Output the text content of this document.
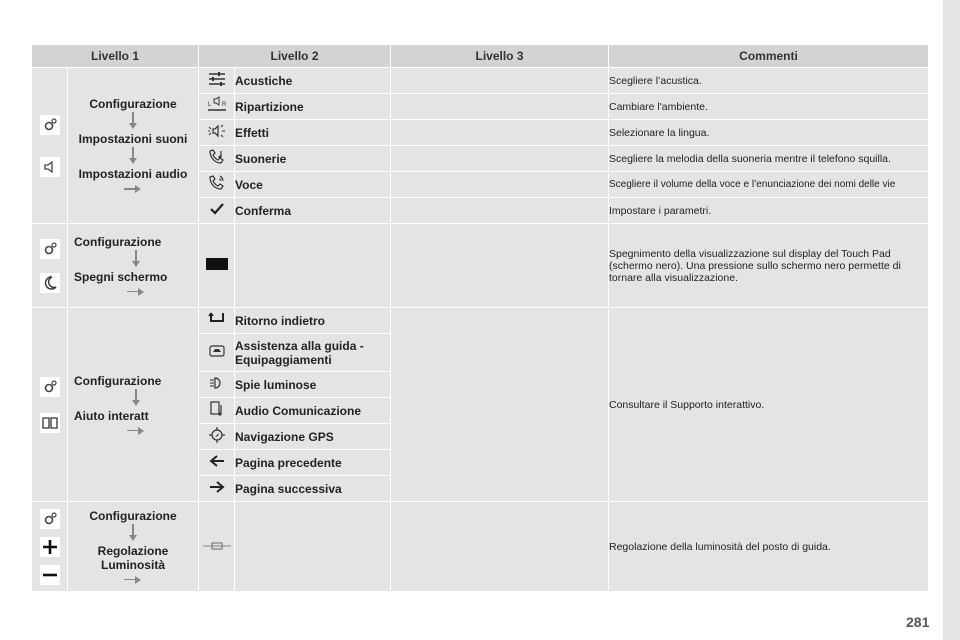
Livello 1		Livello 2		Livello 3	Commenti

Configurazione
Impostazioni suoni
Impostazioni audio		Acustiche		Scegliere l’acustica.

L R	Ripartizione		Cambiare l'ambiente.
	Effetti		Selezionare la lingua.
	Suonerie		Scegliere la melodia della suoneria mentre il telefono squilla.
	Voce		Scegliere il volume della voce e l’enunciazione dei nomi delle vie
	Conferma		Impostare i parametri.

Configurazione
Spegni schermo				Spegnimento della visualizzazione sul display del Touch Pad (schermo nero). Una pressione sullo schermo nero permette di tornare alla visualizzazione.

Configurazione
Aiuto interatt		Ritorno indietro		Consultare il Supporto interattivo.
	Assistenza alla guida - Equipaggiamenti		
	Spie luminose		
	Audio Comunicazione		
	Navigazione GPS		
	Pagina precedente		
	Pagina successiva		

Configurazione
Regolazione
Luminosità				Regolazione della luminosità del posto di guida.
281
